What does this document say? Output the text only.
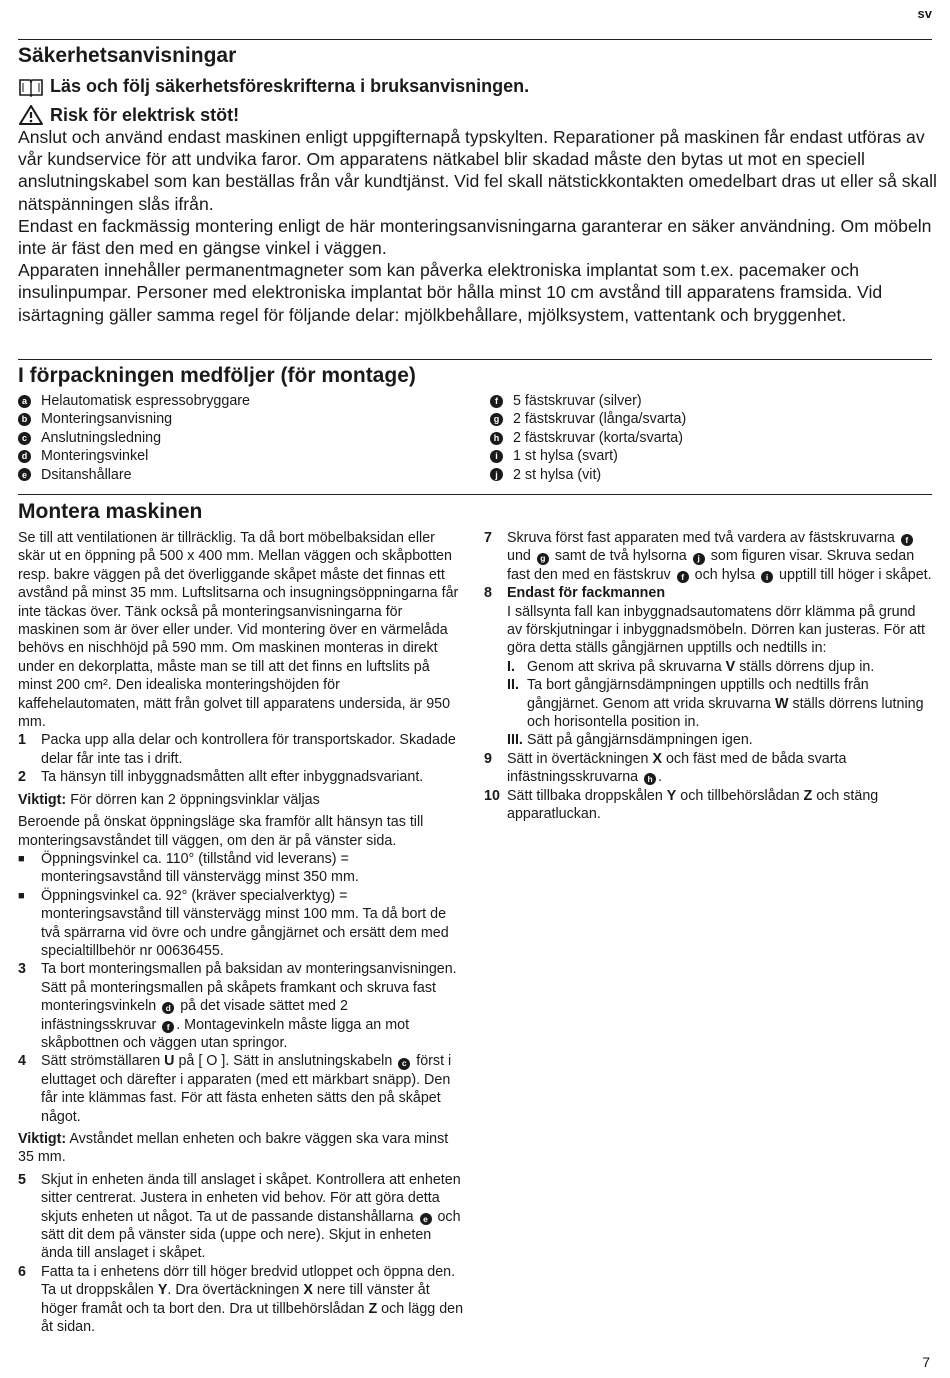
sv
Säkerhetsanvisningar
Läs och följ säkerhetsföreskrifterna i bruksanvisningen.
Risk för elektrisk stöt!

Anslut och använd endast maskinen enligt uppgifternapå typskylten. Reparationer på maskinen får endast utföras av vår kundservice för att undvika faror. Om apparatens nätkabel blir skadad måste den bytas ut mot en speciell anslutningskabel som kan beställas från vår kundtjänst. Vid fel skall nätstickkontakten omedelbart dras ut eller så skall nätspänningen slås ifrån.

Endast en fackmässig montering enligt de här monteringsanvisningarna garanterar en säker användning. Om möbeln inte är fäst den med en gängse vinkel i väggen.

Apparaten innehåller permanentmagneter som kan påverka elektroniska implantat som t.ex. pacemaker och insulinpumpar. Personer med elektroniska implantat bör hålla minst 10 cm avstånd till apparatens framsida. Vid isärtagning gäller samma regel för följande delar: mjölkbehållare, mjölksystem, vattentank och bryggenhet.

I förpackningen medföljer (för montage)
a Helautomatisk espressobryggare
b Monteringsanvisning
c Anslutningsledning
d Monteringsvinkel
e Dsitanshållare
f	5 fästskruvar (silver)
g 2 fästskruvar (långa/svarta)
h 2 fästskruvar (korta/svarta)
i	1 st hylsa (svart)
j	2 st hylsa (vit)
Montera maskinen

Se till att ventilationen är tillräcklig. Ta då bort möbelbaksidan eller skär ut en öppning på 500 x 400 mm. Mellan väggen och skåpbotten resp. bakre väggen på det överliggande skåpet måste det finnas ett avstånd på minst 35 mm. Luftslitsarna och insugningsöppningarna får inte täckas över. Tänk också på monteringsanvisningarna för maskinen som är över eller under. Vid montering över en värmelåda behövs en nischhöjd på 590 mm. Om maskinen monteras in direkt under en dekorplatta, måste man se till att det finns en luftslits på minst 200 cm². Den idealiska monteringshöjden för kaffehelautomaten, mätt från golvet till apparatens undersida, är 950 mm.

1	Packa upp alla delar och kontrollera för transportskador. Skadade delar får inte tas i drift.
2	Ta hänsyn till inbyggnadsmåtten allt efter inbyggnadsvariant.

Viktigt: För dörren kan 2 öppningsvinklar väljas

Beroende på önskat öppningsläge ska framför allt hänsyn tas till monteringsavståndet till väggen, om den är på vänster sida.

■	Öppningsvinkel ca. 110° (tillstånd vid leverans) = monteringsavstånd till vänstervägg minst 350 mm.
■	Öppningsvinkel ca. 92° (kräver specialverktyg) = monteringsavstånd till vänstervägg minst 100 mm. Ta då bort de två spärrarna vid övre och undre gångjärnet och ersätt dem med specialtillbehör nr 00636455.
3	Ta bort monteringsmallen på baksidan av monteringsanvisningen. Sätt på monteringsmallen på skåpets framkant och skruva fast monteringsvinkeln d på det visade sättet med 2 infästningsskruvar f . Montagevinkeln måste ligga an mot skåpbottnen och väggen utan springor.
4	Sätt strömställaren U på [ O ]. Sätt in anslutningskabeln c först i eluttaget och därefter i apparaten (med ett märkbart snäpp). Den får inte klämmas fast. För att fästa enheten sätts den på skåpet något.

Viktigt: Avståndet mellan enheten och bakre väggen ska vara minst 35 mm.

5	Skjut in enheten ända till anslaget i skåpet. Kontrollera att enheten sitter centrerat. Justera in enheten vid behov. För att göra detta skjuts enheten ut något. Ta ut de passande distanshållarna e och sätt dit dem på vänster sida (uppe och nere). Skjut in enheten ända till anslaget i skåpet.
6	Fatta ta i enhetens dörr till höger bredvid utloppet och öppna den. Ta ut droppskålen Y. Dra övertäckningen X nere till vänster åt höger framåt och ta bort den. Dra ut tillbehörslådan Z och lägg den åt sidan.
7	Skruva först fast apparaten med två vardera av fästskruvarna f und g samt de två hylsorna j som figuren visar. Skruva sedan fast den med en fästskruv f och hylsa i upptill till höger i skåpet.
8	Endast för fackmannen
I sällsynta fall kan inbyggnadsautomatens dörr klämma på grund av förskjutningar i inbyggnadsmöbeln. Dörren kan justeras. För att göra detta ställs gångjärnen upptills och nedtills in:
I. Genom att skriva på skruvarna V ställs dörrens djup in.
II. Ta bort gångjärnsdämpningen upptills och nedtills från gångjärnet. Genom att vrida skruvarna W ställs dörrens lutning och horisontella position in.
III. Sätt på gångjärnsdämpningen igen.
9	Sätt in övertäckningen X och fäst med de båda svarta infästningsskruvarna h .
10 Sätt tillbaka droppskålen Y och tillbehörslådan Z och stäng apparatluckan.
7
